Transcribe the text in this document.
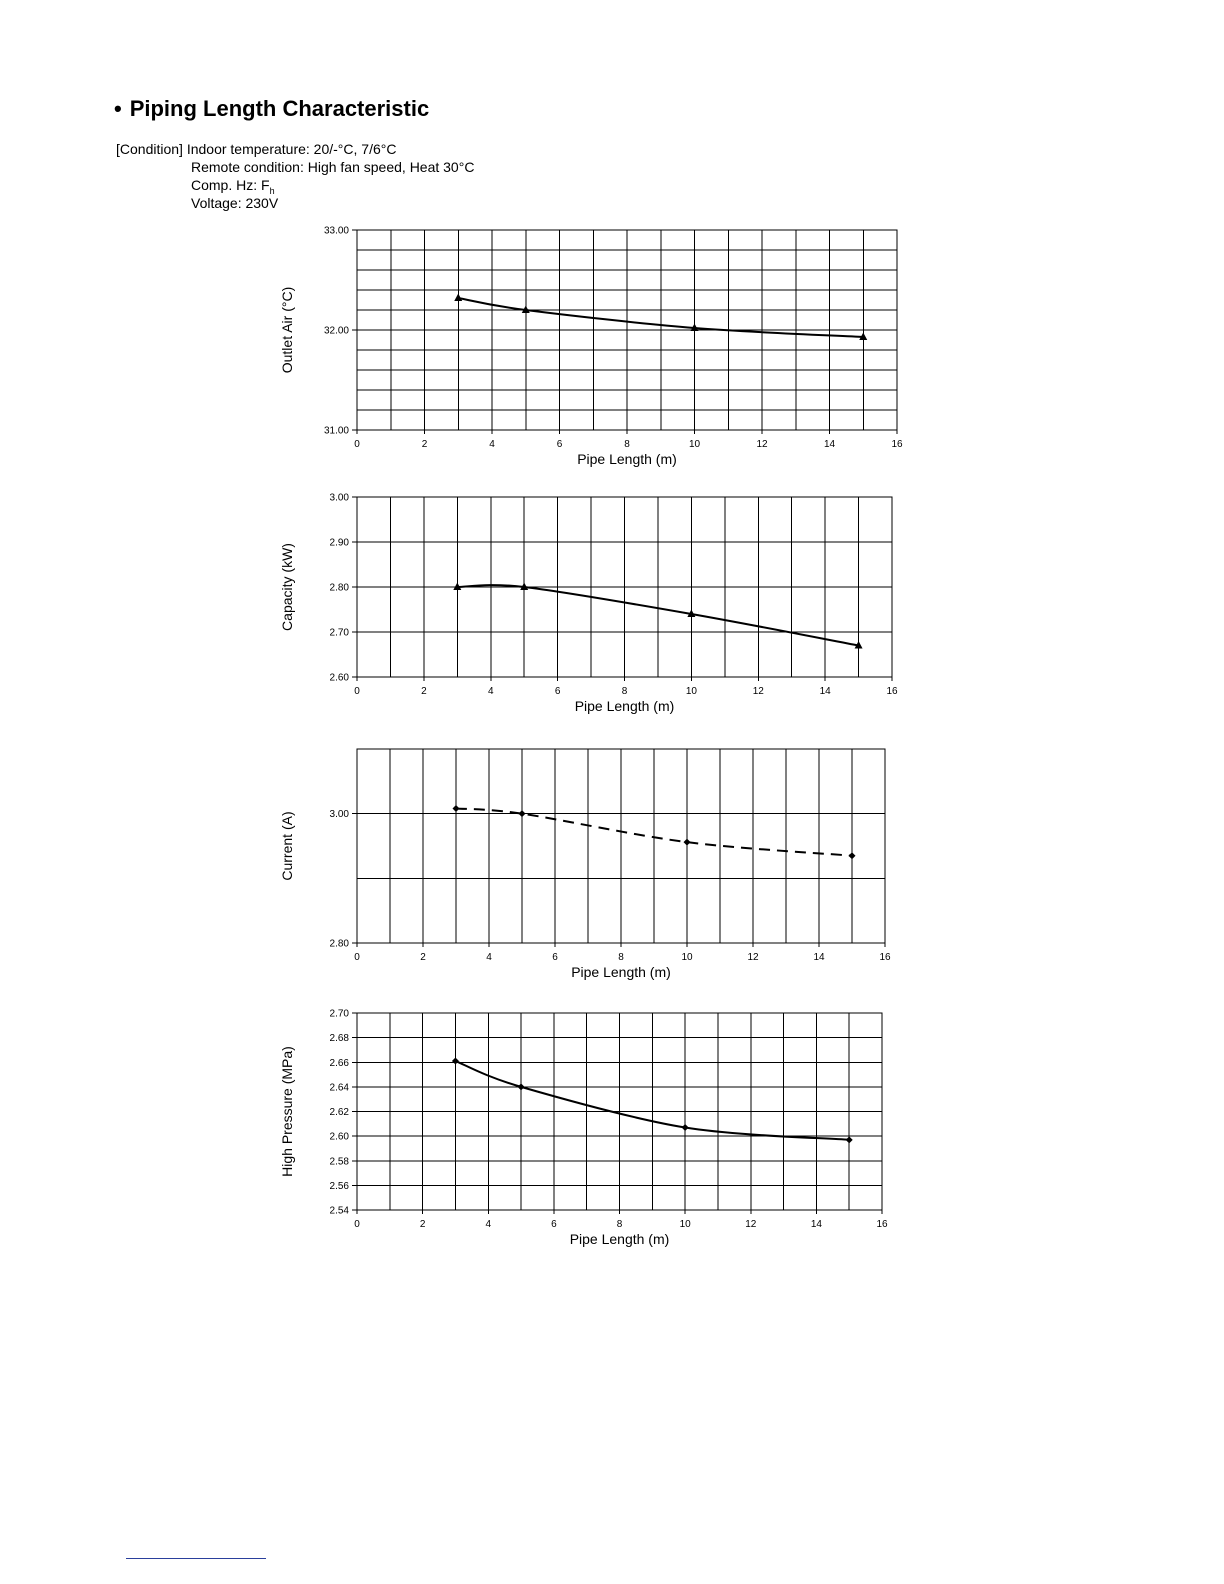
• Piping Length Characteristic
[Condition] Indoor temperature: 20/-°C, 7/6°C
Remote condition: High fan speed, Heat 30°C
Comp. Hz: $F_h$
Voltage: 230V
31.00
32.00
33.00
0	2	4	6	8	10	12	14	16
Pipe Length (m)
Outlet Air (°C)
2.60
2.70
2.80
2.90
3.00
0	2	4	6	8	10	12	14	16
Pipe Length (m)
Capacity (kW)
2.80
3.00
0	2	4	6	8	10	12	14	16
Pipe Length (m)
Current (A)
2.54
2.56
2.58
2.60
2.62
2.64
2.66
2.68
2.70
0	2	4	6	8	10	12	14	16
Pipe Length (m)
High Pressure (MPa)
